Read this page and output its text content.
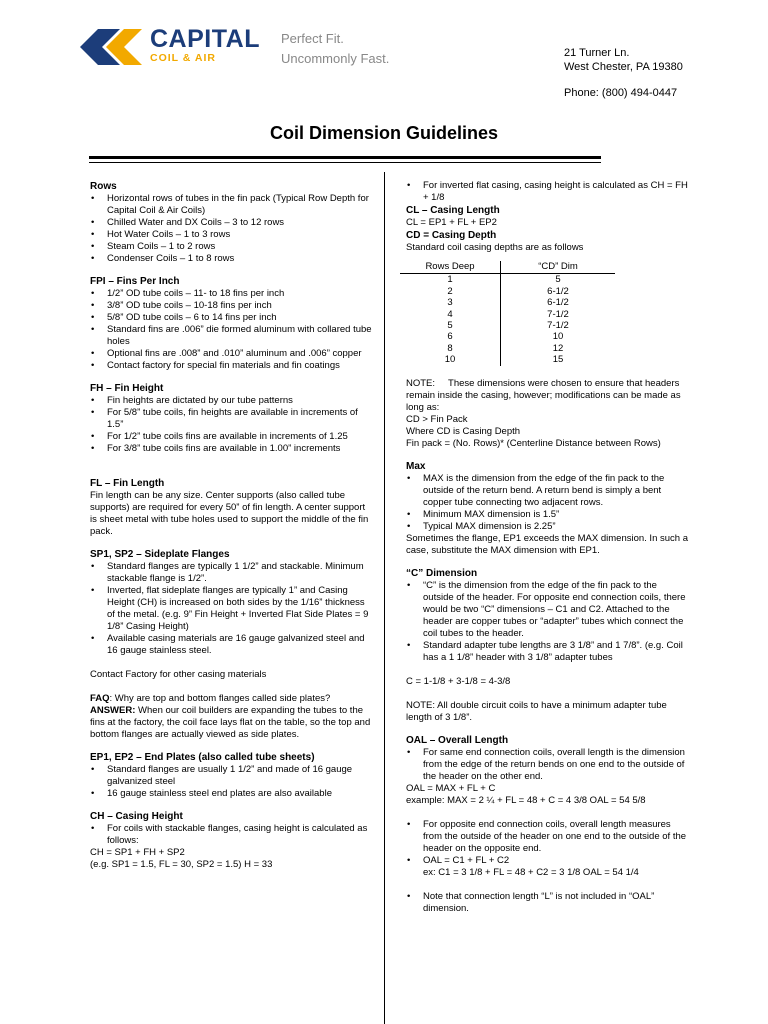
CAPITAL
COIL & AIR
Perfect Fit.
Uncommonly Fast.	21 Turner Ln.
West Chester, PA 19380
Phone: (800) 494-0447
Coil Dimension Guidelines
Rows
• Horizontal rows of tubes in the fin pack (Typical Row Depth for Capital Coil & Air Coils)
• Chilled Water and DX Coils – 3 to 12 rows
• Hot Water Coils – 1 to 3 rows
• Steam Coils – 1 to 2 rows
• Condenser Coils – 1 to 8 rows
FPI – Fins Per Inch
• 1/2” OD tube coils – 11- to 18 fins per inch
• 3/8” OD tube coils – 10-18 fins per inch
• 5/8” OD tube coils – 6 to 14 fins per inch
• Standard fins are .006” die formed aluminum with collared tube holes
• Optional fins are .008” and .010” aluminum and .006” copper
• Contact factory for special fin materials and fin coatings
FH – Fin Height
• Fin heights are dictated by our tube patterns
• For 5/8” tube coils, fin heights are available in increments of 1.5”
• For 1/2” tube coils fins are available in increments of 1.25
• For 3/8” tube coils fins are available in 1.00” increments
FL – Fin Length

Fin length can be any size. Center supports (also called tube supports) are required for every 50” of fin length. A center support is sheet metal with tube holes used to support the middle of the fin pack.

SP1, SP2 – Sideplate Flanges
• Standard flanges are typically 1 1/2” and stackable. Minimum stackable flange is 1/2”.
• Inverted, flat sideplate flanges are typically 1” and Casing Height (CH) is increased on both sides by the 1/16” thickness of the metal. (e.g. 9” Fin Height + Inverted Flat Side Plates = 9 1/8” Casing Height)
• Available casing materials are 16 gauge galvanized steel and 16 gauge stainless steel.

Contact Factory for other casing materials

FAQ: Why are top and bottom flanges called side plates?

ANSWER: When our coil builders are expanding the tubes to the fins at the factory, the coil face lays flat on the table, so the top and bottom flanges are actually viewed as side plates.

EP1, EP2 – End Plates (also called tube sheets)
• Standard flanges are usually 1 1/2” and made of 16 gauge galvanized steel
• 16 gauge stainless steel end plates are also available
CH – Casing Height
• For coils with stackable flanges, casing height is calculated as follows:

CH = SP1 + FH + SP2

(e.g. SP1 = 1.5, FL = 30, SP2 = 1.5) H = 33

• For inverted flat casing, casing height is calculated as CH = FH + 1/8
CL – Casing Length

CL = EP1 + FL + EP2

CD = Casing Depth

Standard coil casing depths are as follows

Rows Deep	“CD” Dim
1	5
2	6-1/2
3	6-1/2
4	7-1/2
5	7-1/2
6	10
8	12
10	15

NOTE:     These dimensions were chosen to ensure that headers remain inside the casing, however; modifications can be made as long as:

CD > Fin Pack

Where CD is Casing Depth

Fin pack = (No. Rows)* (Centerline Distance between Rows)

Max
• MAX is the dimension from the edge of the fin pack to the outside of the return bend. A return bend is simply a bent copper tube connecting two adjacent rows.
• Minimum MAX dimension is 1.5”
• Typical MAX dimension is 2.25”

Sometimes the flange, EP1 exceeds the MAX dimension. In such a case, substitute the MAX dimension with EP1.

“C” Dimension
• “C” is the dimension from the edge of the fin pack to the outside of the header. For opposite end connection coils, there would be two “C” dimensions – C1 and C2. Attached to the header are copper tubes or “adapter” tubes which connect the coil tubes to the header.
• Standard adapter tube lengths are 3 1/8” and 1 7/8”. (e.g. Coil has a 1 1/8” header with 3 1/8” adapter tubes

C = 1-1/8 + 3-1/8 = 4-3/8

NOTE: All double circuit coils to have a minimum adapter tube length of 3 1/8”.

OAL – Overall Length
• For same end connection coils, overall length is the dimension from the edge of the return bends on one end to the outside of the header on the other end.

OAL = MAX + FL + C

example: MAX = 2 ¼ + FL = 48 + C = 4 3/8 OAL = 54 5/8

• For opposite end connection coils, overall length measures from the outside of the header on one end to the outside of the header on the opposite end.
• OAL = C1 + FL + C2

ex: C1 = 3 1/8 + FL = 48 + C2 = 3 1/8 OAL = 54 1/4

• Note that connection length “L” is not included in “OAL” dimension.
